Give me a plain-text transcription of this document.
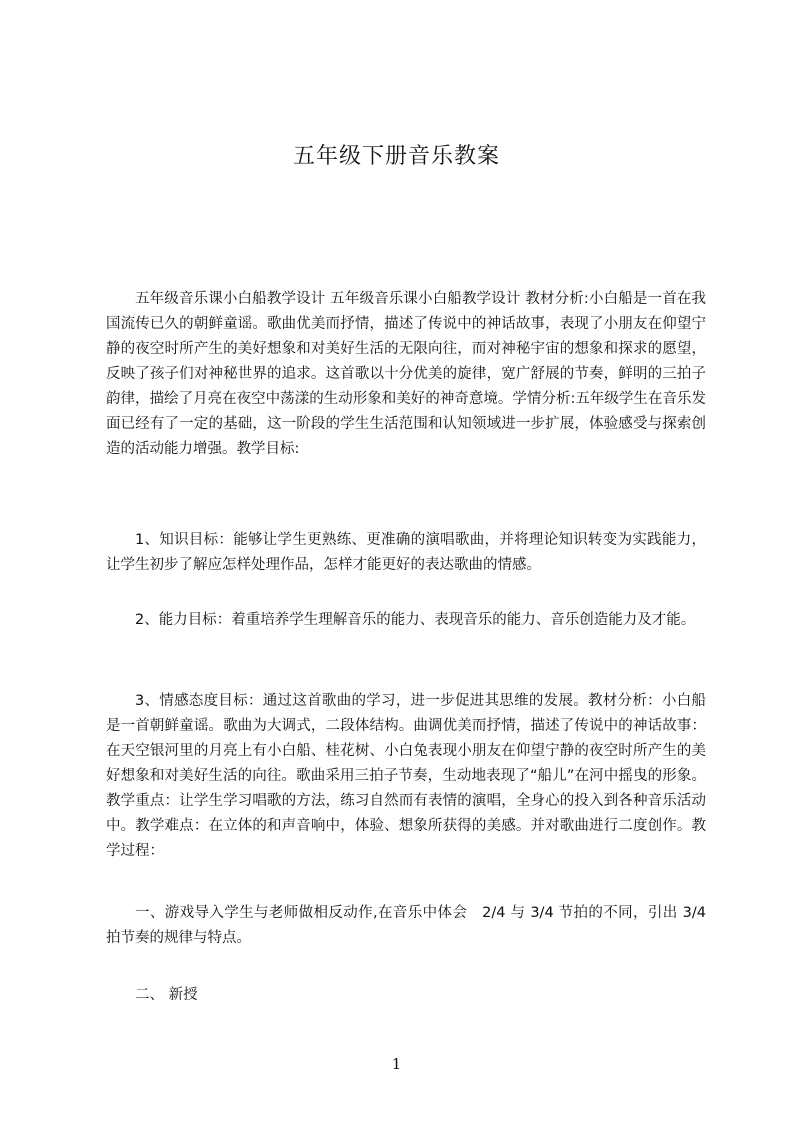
五年级下册音乐教案

五年级音乐课小白船教学设计 五年级音乐课小白船教学设计 教材分析:小白船是一首在我国流传已久的朝鲜童谣。歌曲优美而抒情，描述了传说中的神话故事，表现了小朋友在仰望宁静的夜空时所产生的美好想象和对美好生活的无限向往，而对神秘宇宙的想象和探求的愿望，反映了孩子们对神秘世界的追求。这首歌以十分优美的旋律，宽广舒展的节奏，鲜明的三拍子韵律，描绘了月亮在夜空中荡漾的生动形象和美好的神奇意境。学情分析:五年级学生在音乐发面已经有了一定的基础，这一阶段的学生生活范围和认知领域进一步扩展，体验感受与探索创造的活动能力增强。教学目标:

1、知识目标：能够让学生更熟练、更准确的演唱歌曲，并将理论知识转变为实践能力，让学生初步了解应怎样处理作品，怎样才能更好的表达歌曲的情感。

2、能力目标：着重培养学生理解音乐的能力、表现音乐的能力、音乐创造能力及才能。

3、情感态度目标：通过这首歌曲的学习，进一步促进其思维的发展。教材分析：小白船是一首朝鲜童谣。歌曲为大调式，二段体结构。曲调优美而抒情，描述了传说中的神话故事：在天空银河里的月亮上有小白船、桂花树、小白兔表现小朋友在仰望宁静的夜空时所产生的美好想象和对美好生活的向往。歌曲采用三拍子节奏，生动地表现了“船儿”在河中摇曳的形象。教学重点：让学生学习唱歌的方法，练习自然而有表情的演唱，全身心的投入到各种音乐活动中。教学难点：在立体的和声音响中，体验、想象所获得的美感。并对歌曲进行二度创作。教学过程：

一、游戏导入学生与老师做相反动作,在音乐中体会　2/4 与 3/4 节拍的不同，引出 3/4 拍节奏的规律与特点。

二、 新授

1
